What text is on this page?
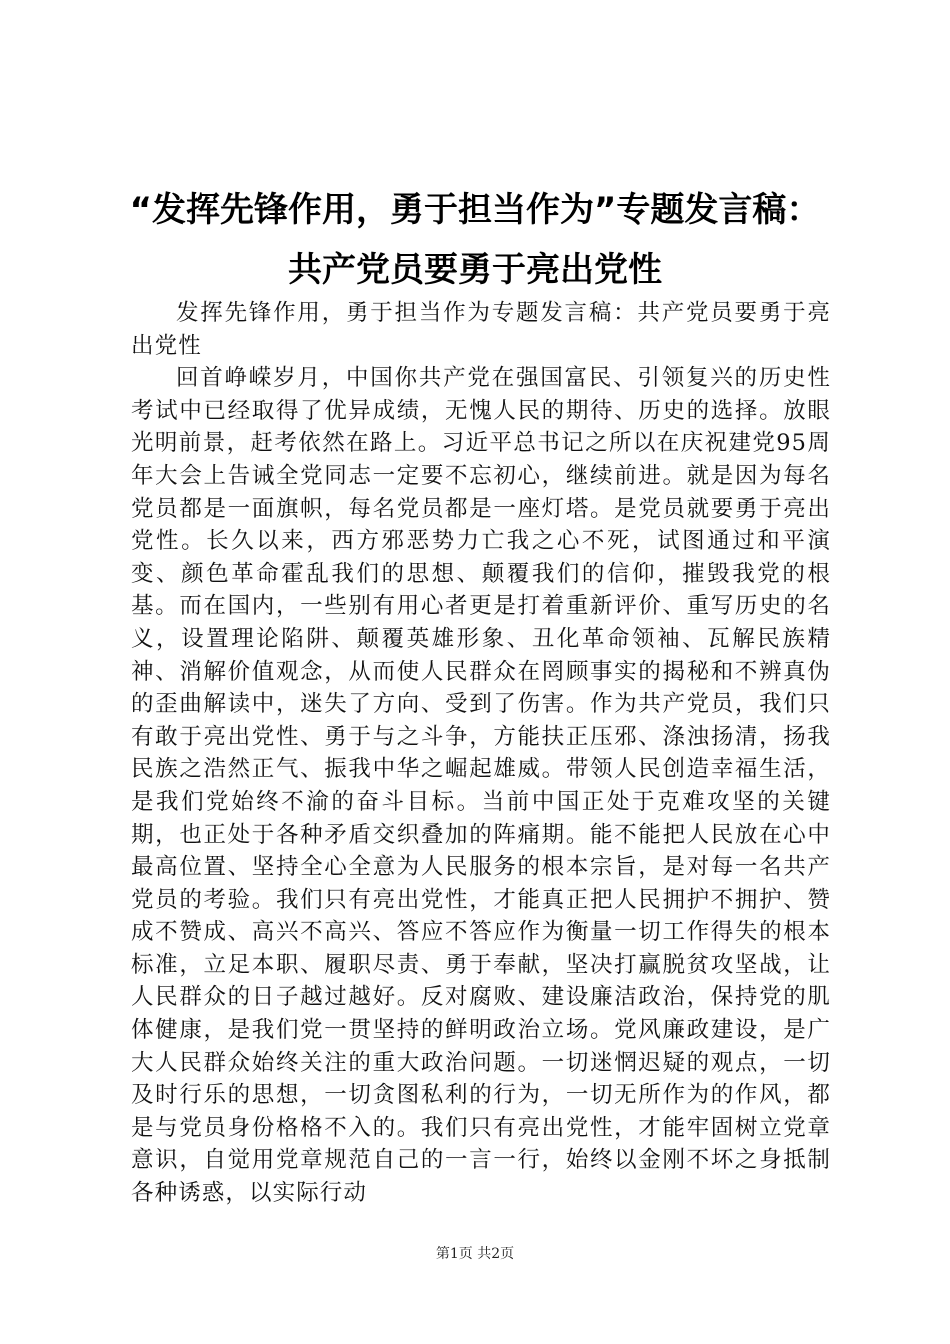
“发挥先锋作用，勇于担当作为”专题发言稿：
共产党员要勇于亮出党性

发挥先锋作用，勇于担当作为专题发言稿：共产党员要勇于亮出党性

回首峥嵘岁月，中国你共产党在强国富民、引领复兴的历史性考试中已经取得了优异成绩，无愧人民的期待、历史的选择。放眼光明前景，赶考依然在路上。习近平总书记之所以在庆祝建党95周年大会上告诫全党同志一定要不忘初心，继续前进。就是因为每名党员都是一面旗帜，每名党员都是一座灯塔。是党员就要勇于亮出党性。长久以来，西方邪恶势力亡我之心不死，试图通过和平演变、颜色革命霍乱我们的思想、颠覆我们的信仰，摧毁我党的根基。而在国内，一些别有用心者更是打着重新评价、重写历史的名义，设置理论陷阱、颠覆英雄形象、丑化革命领袖、瓦解民族精神、消解价值观念，从而使人民群众在罔顾事实的揭秘和不辨真伪的歪曲解读中，迷失了方向、受到了伤害。作为共产党员，我们只有敢于亮出党性、勇于与之斗争，方能扶正压邪、涤浊扬清，扬我民族之浩然正气、振我中华之崛起雄威。带领人民创造幸福生活，是我们党始终不渝的奋斗目标。当前中国正处于克难攻坚的关键期，也正处于各种矛盾交织叠加的阵痛期。能不能把人民放在心中最高位置、坚持全心全意为人民服务的根本宗旨，是对每一名共产党员的考验。我们只有亮出党性，才能真正把人民拥护不拥护、赞成不赞成、高兴不高兴、答应不答应作为衡量一切工作得失的根本标准，立足本职、履职尽责、勇于奉献，坚决打赢脱贫攻坚战，让人民群众的日子越过越好。反对腐败、建设廉洁政治，保持党的肌体健康，是我们党一贯坚持的鲜明政治立场。党风廉政建设，是广大人民群众始终关注的重大政治问题。一切迷惘迟疑的观点，一切及时行乐的思想，一切贪图私利的行为，一切无所作为的作风，都是与党员身份格格不入的。我们只有亮出党性，才能牢固树立党章意识，自觉用党章规范自己的一言一行，始终以金刚不坏之身抵制各种诱惑，以实际行动

第1页 共2页
